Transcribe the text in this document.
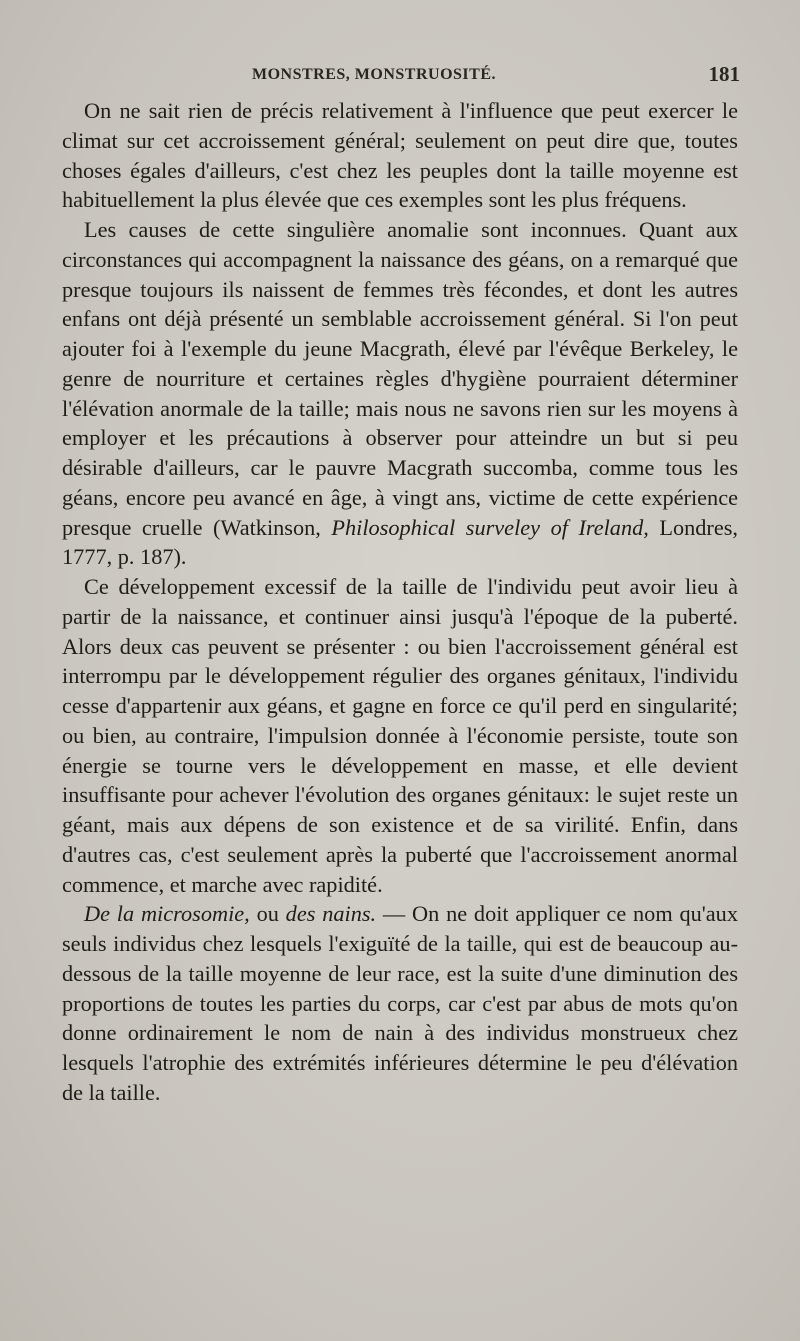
MONSTRES, MONSTRUOSITÉ.	181

On ne sait rien de précis relativement à l'influence que peut exercer le climat sur cet accroissement général; seulement on peut dire que, toutes choses égales d'ailleurs, c'est chez les peuples dont la taille moyenne est habituellement la plus élevée que ces exemples sont les plus fréquens.

Les causes de cette singulière anomalie sont inconnues. Quant aux circonstances qui accompagnent la naissance des géans, on a remarqué que presque toujours ils naissent de femmes très fécondes, et dont les autres enfans ont déjà présenté un semblable accroissement général. Si l'on peut ajouter foi à l'exemple du jeune Macgrath, élevé par l'évêque Berkeley, le genre de nourriture et certaines règles d'hygiène pourraient déterminer l'élévation anormale de la taille; mais nous ne savons rien sur les moyens à employer et les précautions à observer pour atteindre un but si peu désirable d'ailleurs, car le pauvre Macgrath succomba, comme tous les géans, encore peu avancé en âge, à vingt ans, victime de cette expérience presque cruelle (Watkinson, Philosophical surveley of Ireland, Londres, 1777, p. 187).

Ce développement excessif de la taille de l'individu peut avoir lieu à partir de la naissance, et continuer ainsi jusqu'à l'époque de la puberté. Alors deux cas peuvent se présenter : ou bien l'accroissement général est interrompu par le développement régulier des organes génitaux, l'individu cesse d'appartenir aux géans, et gagne en force ce qu'il perd en singularité; ou bien, au contraire, l'impulsion donnée à l'économie persiste, toute son énergie se tourne vers le développement en masse, et elle devient insuffisante pour achever l'évolution des organes génitaux: le sujet reste un géant, mais aux dépens de son existence et de sa virilité. Enfin, dans d'autres cas, c'est seulement après la puberté que l'accroissement anormal commence, et marche avec rapidité.

De la microsomie, ou des nains. — On ne doit appliquer ce nom qu'aux seuls individus chez lesquels l'exiguïté de la taille, qui est de beaucoup au-dessous de la taille moyenne de leur race, est la suite d'une diminution des proportions de toutes les parties du corps, car c'est par abus de mots qu'on donne ordinairement le nom de nain à des individus monstrueux chez lesquels l'atrophie des extrémités inférieures détermine le peu d'élévation de la taille.
